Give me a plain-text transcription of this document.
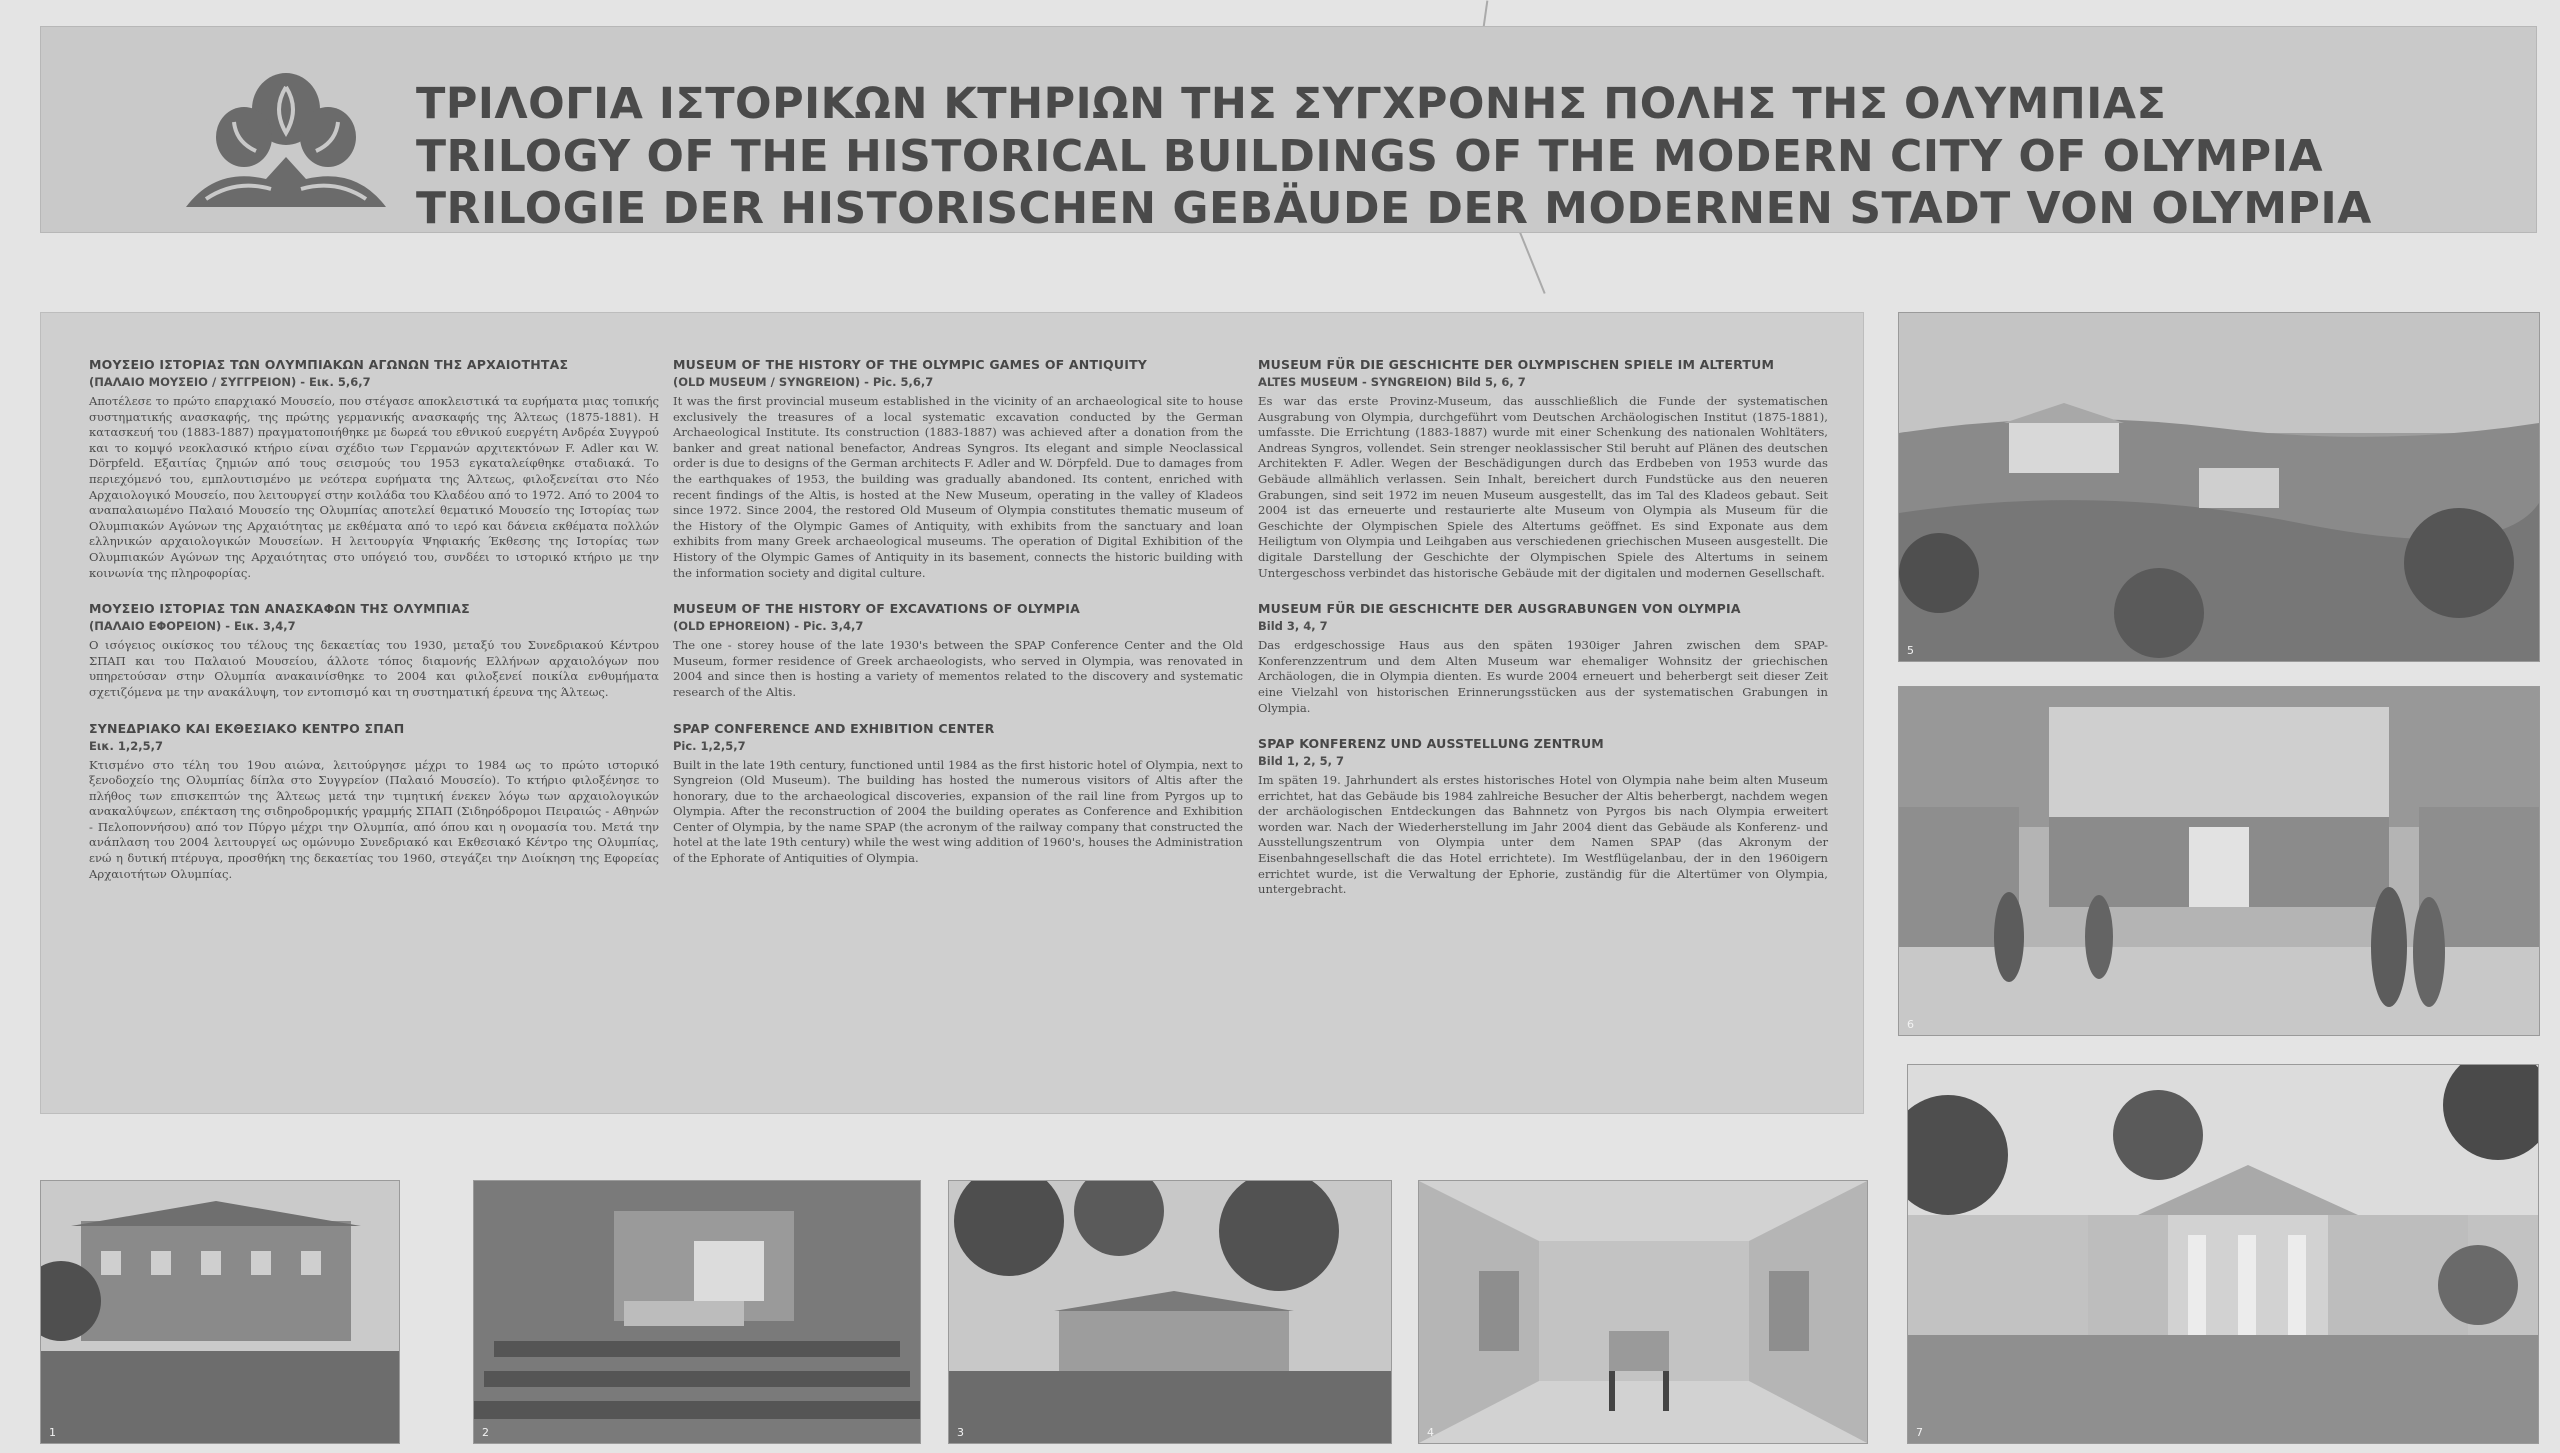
ΤΡΙΛΟΓΙΑ ΙΣΤΟΡΙΚΩΝ ΚΤΗΡΙΩΝ ΤΗΣ ΣΥΓΧΡΟΝΗΣ ΠΟΛΗΣ ΤΗΣ ΟΛΥΜΠΙΑΣ
TRILOGY OF THE HISTORICAL BUILDINGS OF THE MODERN CITY OF OLYMPIA
TRILOGIE DER HISTORISCHEN GEBÄUDE DER MODERNEN STADT VON OLYMPIA
ΜΟΥΣΕΙΟ ΙΣΤΟΡΙΑΣ ΤΩΝ ΟΛΥΜΠΙΑΚΩΝ ΑΓΩΝΩΝ ΤΗΣ ΑΡΧΑΙΟΤΗΤΑΣ
(ΠΑΛΑΙΟ ΜΟΥΣΕΙΟ / ΣΥΓΓΡΕΙΟΝ) - Εικ. 5,6,7
Αποτέλεσε το πρώτο επαρχιακό Μουσείο, που στέγασε αποκλειστικά τα ευρήματα μιας τοπικής συστηματικής ανασκαφής, της πρώτης γερμανικής ανασκαφής της Άλτεως (1875-1881). Η κατασκευή του (1883-1887) πραγματοποιήθηκε με δωρεά του εθνικού ευεργέτη Ανδρέα Συγγρού και το κομψό νεοκλασικό κτήριο είναι σχέδιο των Γερμανών αρχιτεκτόνων F. Adler και W. Dörpfeld. Εξαιτίας ζημιών από τους σεισμούς του 1953 εγκαταλείφθηκε σταδιακά. Το περιεχόμενό του, εμπλουτισμένο με νεότερα ευρήματα της Άλτεως, φιλοξενείται στο Νέο Αρχαιολογικό Μουσείο, που λειτουργεί στην κοιλάδα του Κλαδέου από το 1972. Από το 2004 το αναπαλαιωμένο Παλαιό Μουσείο της Ολυμπίας αποτελεί θεματικό Μουσείο της Ιστορίας των Ολυμπιακών Αγώνων της Αρχαιότητας με εκθέματα από το ιερό και δάνεια εκθέματα πολλών ελληνικών αρχαιολογικών Μουσείων. Η λειτουργία Ψηφιακής Έκθεσης της Ιστορίας των Ολυμπιακών Αγώνων της Αρχαιότητας στο υπόγειό του, συνδέει το ιστορικό κτήριο με την κοινωνία της πληροφορίας.
ΜΟΥΣΕΙΟ ΙΣΤΟΡΙΑΣ ΤΩΝ ΑΝΑΣΚΑΦΩΝ ΤΗΣ ΟΛΥΜΠΙΑΣ
(ΠΑΛΑΙΟ ΕΦΟΡΕΙΟΝ) - Εικ. 3,4,7
Ο ισόγειος οικίσκος του τέλους της δεκαετίας του 1930, μεταξύ του Συνεδριακού Κέντρου ΣΠΑΠ και του Παλαιού Μουσείου, άλλοτε τόπος διαμονής Ελλήνων αρχαιολόγων που υπηρετούσαν στην Ολυμπία ανακαινίσθηκε το 2004 και φιλοξενεί ποικίλα ενθυμήματα σχετιζόμενα με την ανακάλυψη, τον εντοπισμό και τη συστηματική έρευνα της Άλτεως.
ΣΥΝΕΔΡΙΑΚΟ ΚΑΙ ΕΚΘΕΣΙΑΚΟ ΚΕΝΤΡΟ ΣΠΑΠ
Εικ. 1,2,5,7
Κτισμένο στο τέλη του 19ου αιώνα, λειτούργησε μέχρι το 1984 ως το πρώτο ιστορικό ξενοδοχείο της Ολυμπίας δίπλα στο Συγγρείον (Παλαιό Μουσείο). Το κτήριο φιλοξένησε το πλήθος των επισκεπτών της Άλτεως μετά την τιμητική ένεκεν λόγω των αρχαιολογικών ανακαλύψεων, επέκταση της σιδηροδρομικής γραμμής ΣΠΑΠ (Σιδηρόδρομοι Πειραιώς - Αθηνών - Πελοποννήσου) από τον Πύργο μέχρι την Ολυμπία, από όπου και η ονομασία του. Μετά την ανάπλαση του 2004 λειτουργεί ως ομώνυμο Συνεδριακό και Εκθεσιακό Κέντρο της Ολυμπίας, ενώ η δυτική πτέρυγα, προσθήκη της δεκαετίας του 1960, στεγάζει την Διοίκηση της Εφορείας Αρχαιοτήτων Ολυμπίας.
MUSEUM OF THE HISTORY OF THE OLYMPIC GAMES OF ANTIQUITY
(OLD MUSEUM / SYNGREION) - Pic. 5,6,7
It was the first provincial museum established in the vicinity of an archaeological site to house exclusively the treasures of a local systematic excavation conducted by the German Archaeological Institute. Its construction (1883-1887) was achieved after a donation from the banker and great national benefactor, Andreas Syngros. Its elegant and simple Neoclassical order is due to designs of the German architects F. Adler and W. Dörpfeld. Due to damages from the earthquakes of 1953, the building was gradually abandoned. Its content, enriched with recent findings of the Altis, is hosted at the New Museum, operating in the valley of Kladeos since 1972. Since 2004, the restored Old Museum of Olympia constitutes thematic museum of the History of the Olympic Games of Antiquity, with exhibits from the sanctuary and loan exhibits from many Greek archaeological museums. The operation of Digital Exhibition of the History of the Olympic Games of Antiquity in its basement, connects the historic building with the information society and digital culture.
MUSEUM OF THE HISTORY OF EXCAVATIONS OF OLYMPIA
(OLD EPHOREION) - Pic. 3,4,7
The one - storey house of the late 1930's between the SPAP Conference Center and the Old Museum, former residence of Greek archaeologists, who served in Olympia, was renovated in 2004 and since then is hosting a variety of mementos related to the discovery and systematic research of the Altis.
SPAP CONFERENCE AND EXHIBITION CENTER
Pic. 1,2,5,7
Built in the late 19th century, functioned until 1984 as the first historic hotel of Olympia, next to Syngreion (Old Museum). The building has hosted the numerous visitors of Altis after the honorary, due to the archaeological discoveries, expansion of the rail line from Pyrgos up to Olympia. After the reconstruction of 2004 the building operates as Conference and Exhibition Center of Olympia, by the name SPAP (the acronym of the railway company that constructed the hotel at the late 19th century) while the west wing addition of 1960's, houses the Administration of the Ephorate of Antiquities of Olympia.
MUSEUM FÜR DIE GESCHICHTE DER OLYMPISCHEN SPIELE IM ALTERTUM
ALTES MUSEUM - SYNGREION) Bild 5, 6, 7
Es war das erste Provinz-Museum, das ausschließlich die Funde der systematischen Ausgrabung von Olympia, durchgeführt vom Deutschen Archäologischen Institut (1875-1881), umfasste. Die Errichtung (1883-1887) wurde mit einer Schenkung des nationalen Wohltäters, Andreas Syngros, vollendet. Sein strenger neoklassischer Stil beruht auf Plänen des deutschen Architekten F. Adler. Wegen der Beschädigungen durch das Erdbeben von 1953 wurde das Gebäude allmählich verlassen. Sein Inhalt, bereichert durch Fundstücke aus den neueren Grabungen, sind seit 1972 im neuen Museum ausgestellt, das im Tal des Kladeos gebaut. Seit 2004 ist das erneuerte und restaurierte alte Museum von Olympia als Museum für die Geschichte der Olympischen Spiele des Altertums geöffnet. Es sind Exponate aus dem Heiligtum von Olympia und Leihgaben aus verschiedenen griechischen Museen ausgestellt. Die digitale Darstellung der Geschichte der Olympischen Spiele des Altertums in seinem Untergeschoss verbindet das historische Gebäude mit der digitalen und modernen Gesellschaft.
MUSEUM FÜR DIE GESCHICHTE DER AUSGRABUNGEN VON OLYMPIA
Bild 3, 4, 7
Das erdgeschossige Haus aus den späten 1930iger Jahren zwischen dem SPAP-Konferenzzentrum und dem Alten Museum war ehemaliger Wohnsitz der griechischen Archäologen, die in Olympia dienten. Es wurde 2004 erneuert und beherbergt seit dieser Zeit eine Vielzahl von historischen Erinnerungsstücken aus der systematischen Grabungen in Olympia.
SPAP KONFERENZ UND AUSSTELLUNG ZENTRUM
Bild 1, 2, 5, 7
Im späten 19. Jahrhundert als erstes historisches Hotel von Olympia nahe beim alten Museum errichtet, hat das Gebäude bis 1984 zahlreiche Besucher der Altis beherbergt, nachdem wegen der archäologischen Entdeckungen das Bahnnetz von Pyrgos bis nach Olympia erweitert worden war. Nach der Wiederherstellung im Jahr 2004 dient das Gebäude als Konferenz- und Ausstellungszentrum von Olympia unter dem Namen SPAP (das Akronym der Eisenbahngesellschaft die das Hotel errichtete). Im Westflügelanbau, der in den 1960igern errichtet wurde, ist die Verwaltung der Ephorie, zuständig für die Altertümer von Olympia, untergebracht.
5
6
7
1	2	3	4
